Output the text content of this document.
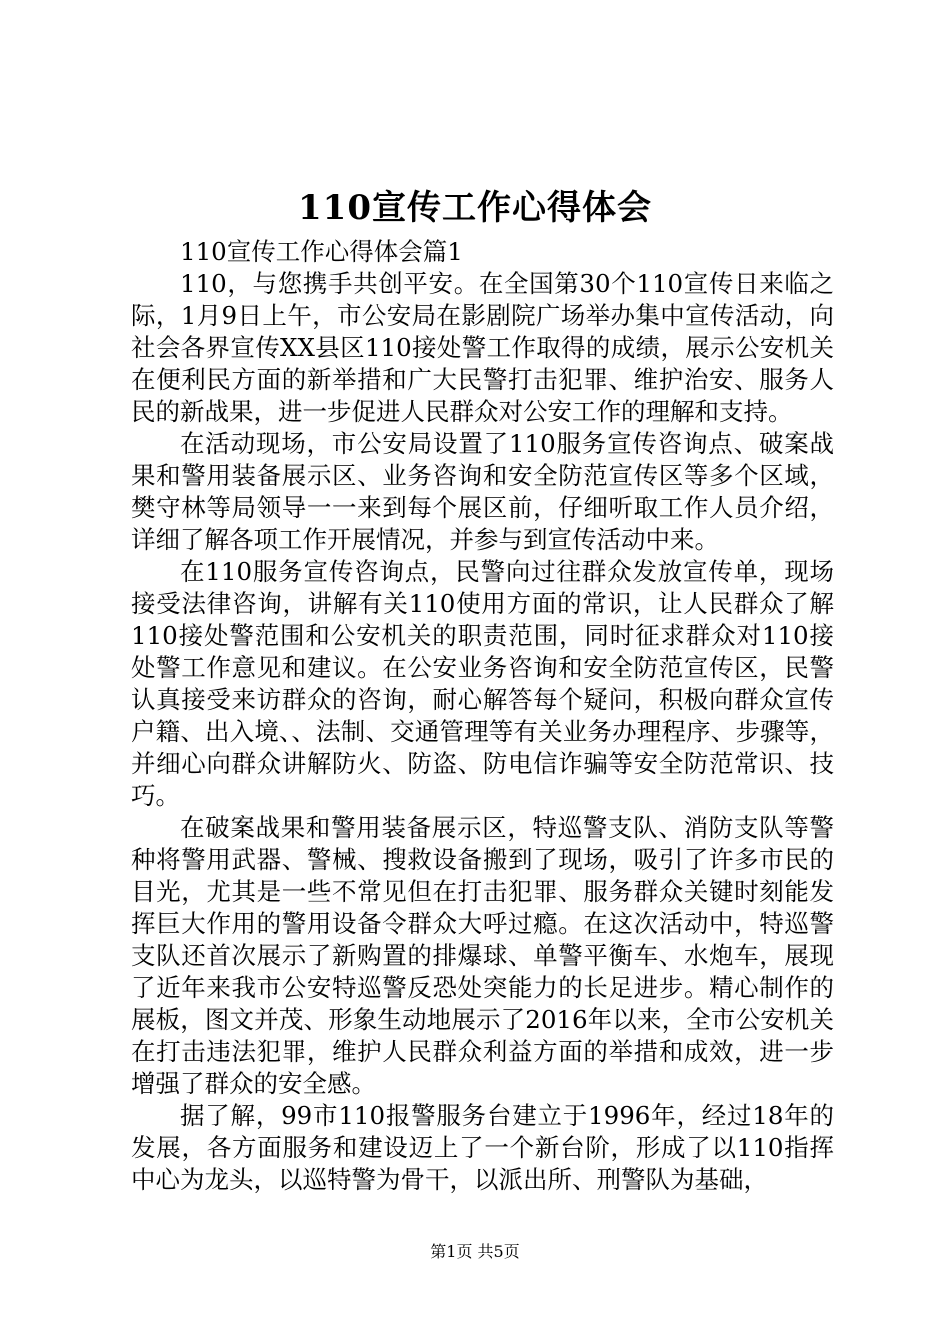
110宣传工作心得体会

110宣传工作心得体会篇1

110，与您携手共创平安。在全国第30个110宣传日来临之际，1月9日上午，市公安局在影剧院广场举办集中宣传活动，向社会各界宣传XX县区110接处警工作取得的成绩，展示公安机关在便利民方面的新举措和广大民警打击犯罪、维护治安、服务人民的新战果，进一步促进人民群众对公安工作的理解和支持。

在活动现场，市公安局设置了110服务宣传咨询点、破案战果和警用装备展示区、业务咨询和安全防范宣传区等多个区域，樊守林等局领导一一来到每个展区前，仔细听取工作人员介绍，详细了解各项工作开展情况，并参与到宣传活动中来。

在110服务宣传咨询点，民警向过往群众发放宣传单，现场接受法律咨询，讲解有关110使用方面的常识，让人民群众了解110接处警范围和公安机关的职责范围，同时征求群众对110接处警工作意见和建议。在公安业务咨询和安全防范宣传区，民警认真接受来访群众的咨询，耐心解答每个疑问，积极向群众宣传户籍、出入境、、法制、交通管理等有关业务办理程序、步骤等，并细心向群众讲解防火、防盗、防电信诈骗等安全防范常识、技巧。

在破案战果和警用装备展示区，特巡警支队、消防支队等警种将警用武器、警械、搜救设备搬到了现场，吸引了许多市民的目光，尤其是一些不常见但在打击犯罪、服务群众关键时刻能发挥巨大作用的警用设备令群众大呼过瘾。在这次活动中，特巡警支队还首次展示了新购置的排爆球、单警平衡车、水炮车，展现了近年来我市公安特巡警反恐处突能力的长足进步。精心制作的展板，图文并茂、形象生动地展示了2016年以来，全市公安机关在打击违法犯罪，维护人民群众利益方面的举措和成效，进一步增强了群众的安全感。

据了解，99市110报警服务台建立于1996年，经过18年的发展，各方面服务和建设迈上了一个新台阶，形成了以110指挥中心为龙头，以巡特警为骨干，以派出所、刑警队为基础，

第1页 共5页
